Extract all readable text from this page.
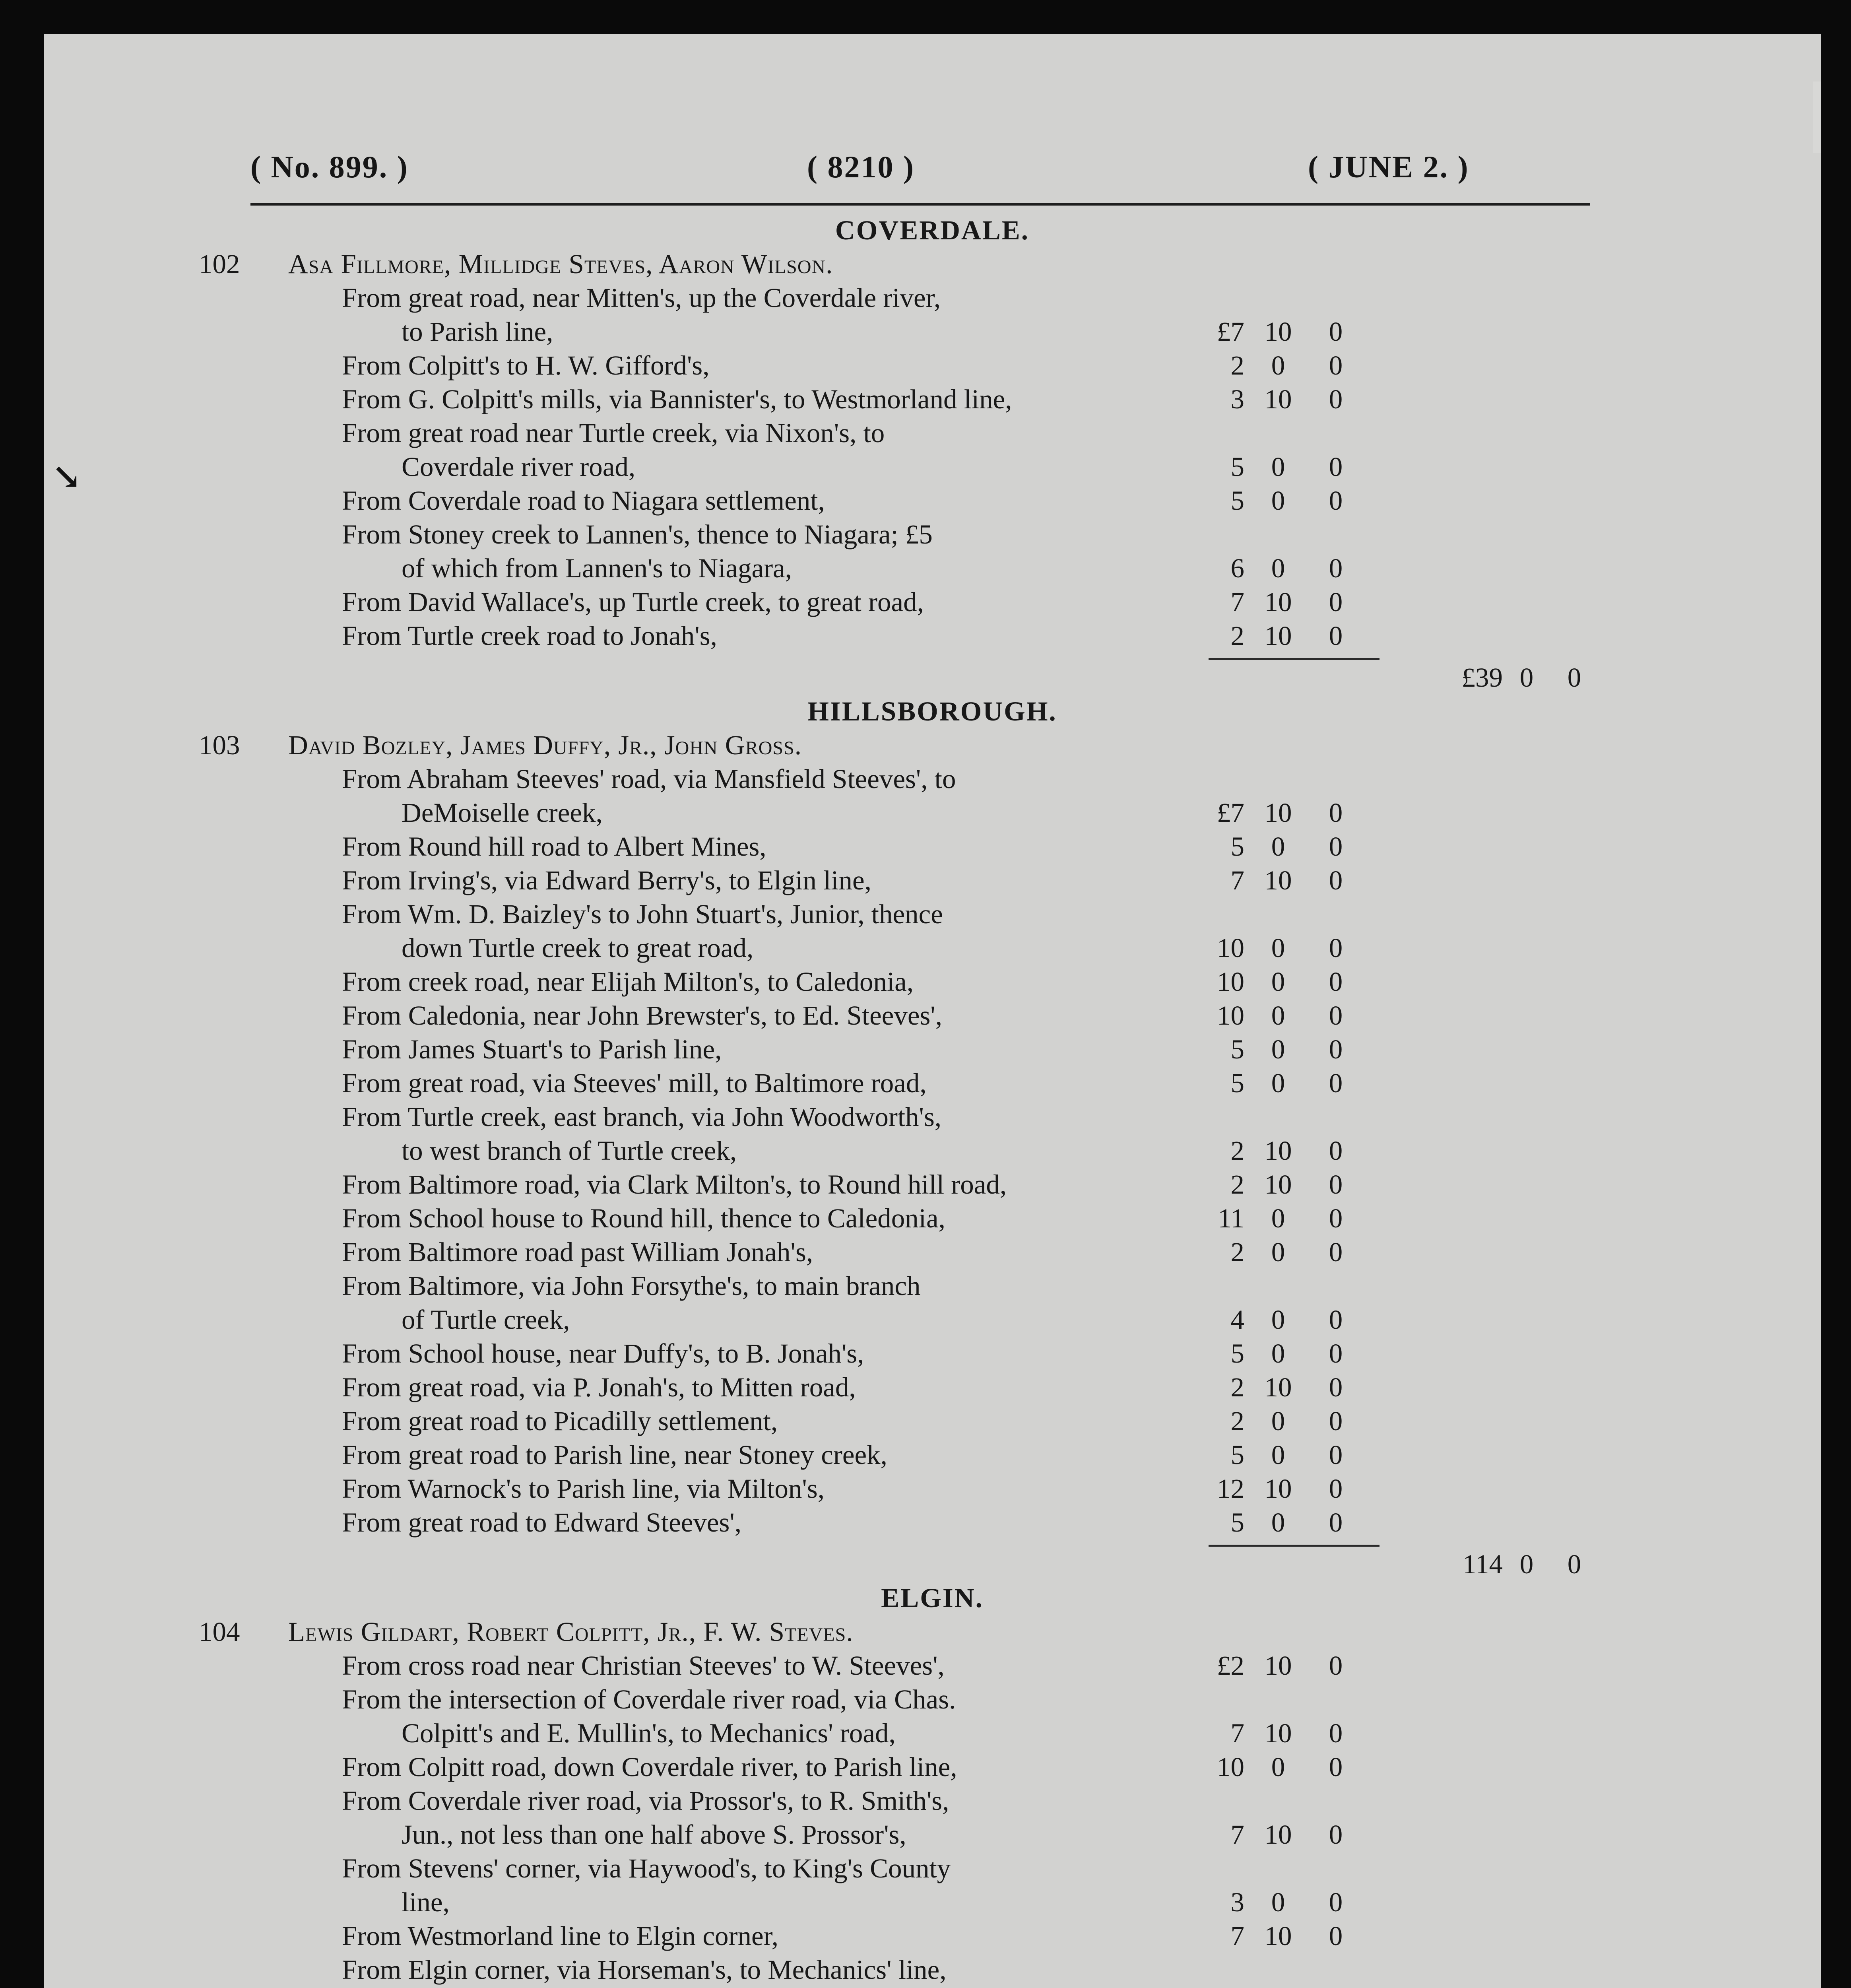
↘
( No. 899. )	( 8210 )	( JUNE 2. )
COVERDALE.
102 Asa Fillmore, Millidge Steves, Aaron Wilson.
From great road, near Mitten's, up the Coverdale river,
to Parish line,	£7 10	0
From Colpitt's to H. W. Gifford's,	2 0	0
From G. Colpitt's mills, via Bannister's, to Westmorland line,	3 10	0
From great road near Turtle creek, via Nixon's, to
Coverdale river road,	5 0	0
From Coverdale road to Niagara settlement,	5 0	0
From Stoney creek to Lannen's, thence to Niagara; £5
of which from Lannen's to Niagara,	6 0	0
From David Wallace's, up Turtle creek, to great road,	7 10	0
From Turtle creek road to Jonah's,	2 10	0
£39 0	0
HILLSBOROUGH.
103 David Bozley, James Duffy, Jr., John Gross.
From Abraham Steeves' road, via Mansfield Steeves', to
DeMoiselle creek,	£7 10	0
From Round hill road to Albert Mines,	5 0	0
From Irving's, via Edward Berry's, to Elgin line,	7 10	0
From Wm. D. Baizley's to John Stuart's, Junior, thence
down Turtle creek to great road,	10 0	0
From creek road, near Elijah Milton's, to Caledonia,	10 0	0
From Caledonia, near John Brewster's, to Ed. Steeves',	10 0	0
From James Stuart's to Parish line,	5 0	0
From great road, via Steeves' mill, to Baltimore road,	5 0	0
From Turtle creek, east branch, via John Woodworth's,
to west branch of Turtle creek,	2 10	0
From Baltimore road, via Clark Milton's, to Round hill road,	2 10	0
From School house to Round hill, thence to Caledonia,	11 0	0
From Baltimore road past William Jonah's,	2 0	0
From Baltimore, via John Forsythe's, to main branch
of Turtle creek,	4 0	0
From School house, near Duffy's, to B. Jonah's,	5 0	0
From great road, via P. Jonah's, to Mitten road,	2 10	0
From great road to Picadilly settlement,	2 0	0
From great road to Parish line, near Stoney creek,	5 0	0
From Warnock's to Parish line, via Milton's,	12 10	0
From great road to Edward Steeves',	5 0	0
114 0	0
ELGIN.
104 Lewis Gildart, Robert Colpitt, Jr., F. W. Steves.
From cross road near Christian Steeves' to W. Steeves',	£2 10	0
From the intersection of Coverdale river road, via Chas.
Colpitt's and E. Mullin's, to Mechanics' road,	7 10	0
From Colpitt road, down Coverdale river, to Parish line,	10 0	0
From Coverdale river road, via Prossor's, to R. Smith's,
Jun., not less than one half above S. Prossor's,	7 10	0
From Stevens' corner, via Haywood's, to King's County
line,	3 0	0
From Westmorland line to Elgin corner,	7 10	0
From Elgin corner, via Horseman's, to Mechanics' line,
